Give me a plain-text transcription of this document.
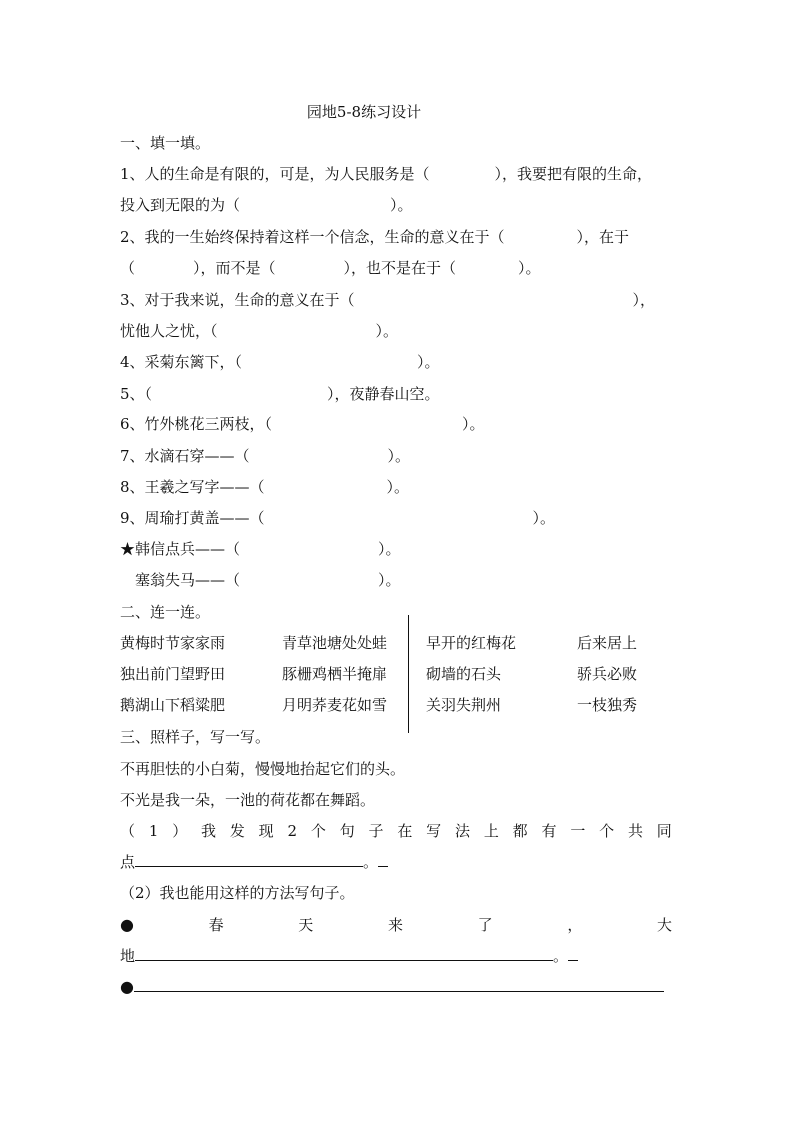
园地5-8练习设计
一、填一填。
1、人的生命是有限的，可是，为人民服务是（	），我要把有限的生命，
投入到无限的为（	）。
2、我的一生始终保持着这样一个信念，生命的意义在于（	），在于
（	），而不是（	），也不是在于（	）。
3、对于我来说，生命的意义在于（	），
忧他人之忧，（	）。
4、采菊东篱下，（	）。
5、（	），夜静春山空。
6、竹外桃花三两枝，（	）。
7、水滴石穿——（	）。
8、王羲之写字——（	）。
9、周瑜打黄盖——（	）。
★韩信点兵——（	）。
塞翁失马——（	）。
二、连一连。
黄梅时节家家雨	青草池塘处处蛙	早开的红梅花	后来居上
独出前门望野田	豚栅鸡栖半掩扉	砌墙的石头	骄兵必败
鹅湖山下稻粱肥	月明荞麦花如雪	关羽失荆州	一枝独秀
三、照样子，写一写。
不再胆怯的小白菊，慢慢地抬起它们的头。
不光是我一朵，一池的荷花都在舞蹈。
（ 1 ） 我 发 现 2 个 句 子 在 写 法 上 都 有 一 个 共 同
点	。
（2）我也能用这样的方法写句子。
●	春	天	来	了	，	大
地	。
●
